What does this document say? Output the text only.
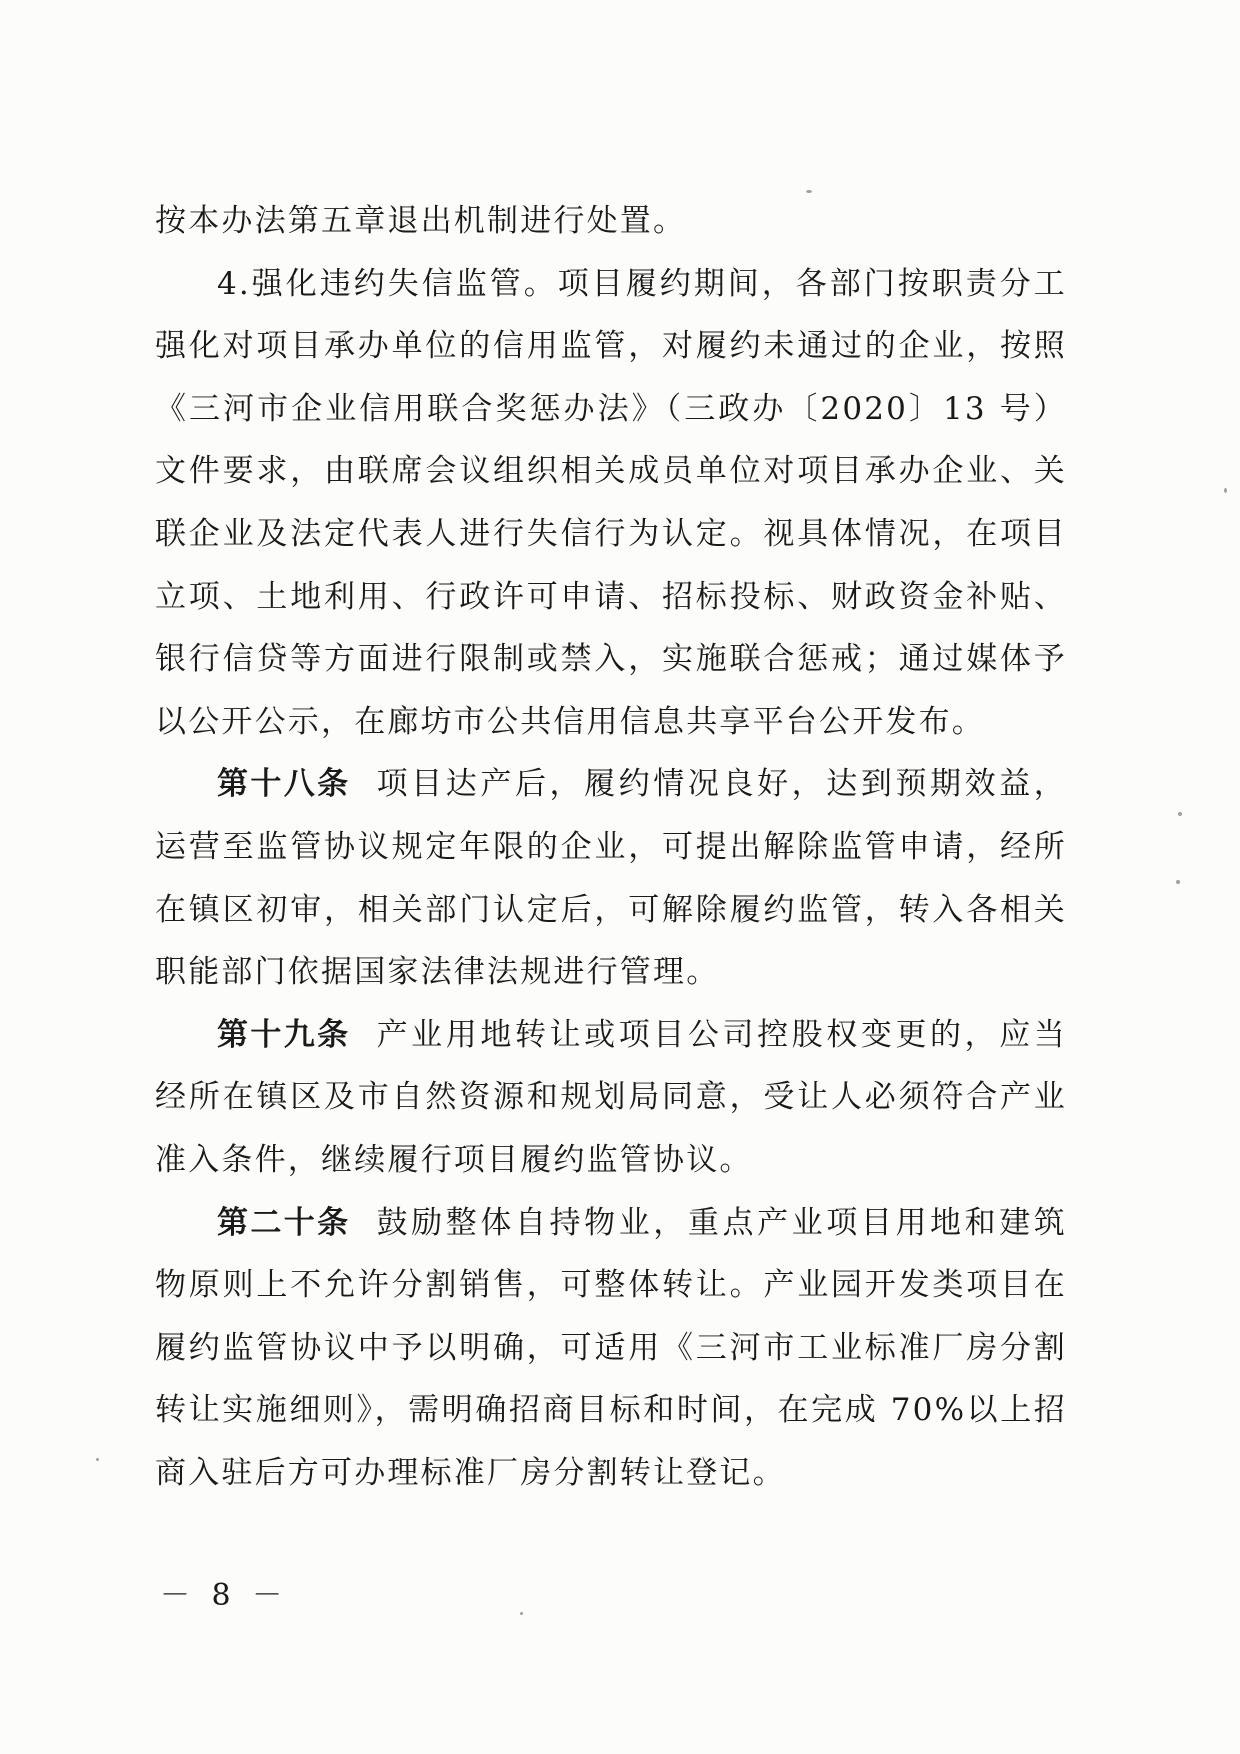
按本办法第五章退出机制进行处置。

4.强化违约失信监管。项目履约期间，各部门按职责分工强化对项目承办单位的信用监管，对履约未通过的企业，按照《三河市企业信用联合奖惩办法》（三政办〔2020〕13 号）文件要求，由联席会议组织相关成员单位对项目承办企业、关联企业及法定代表人进行失信行为认定。视具体情况，在项目立项、土地利用、行政许可申请、招标投标、财政资金补贴、银行信贷等方面进行限制或禁入，实施联合惩戒；通过媒体予以公开公示，在廊坊市公共信用信息共享平台公开发布。

第十八条 项目达产后，履约情况良好，达到预期效益，运营至监管协议规定年限的企业，可提出解除监管申请，经所在镇区初审，相关部门认定后，可解除履约监管，转入各相关职能部门依据国家法律法规进行管理。

第十九条 产业用地转让或项目公司控股权变更的，应当经所在镇区及市自然资源和规划局同意，受让人必须符合产业准入条件，继续履行项目履约监管协议。

第二十条 鼓励整体自持物业，重点产业项目用地和建筑物原则上不允许分割销售，可整体转让。产业园开发类项目在履约监管协议中予以明确，可适用《三河市工业标准厂房分割转让实施细则》，需明确招商目标和时间，在完成 70%以上招商入驻后方可办理标准厂房分割转让登记。

－ 8 －
